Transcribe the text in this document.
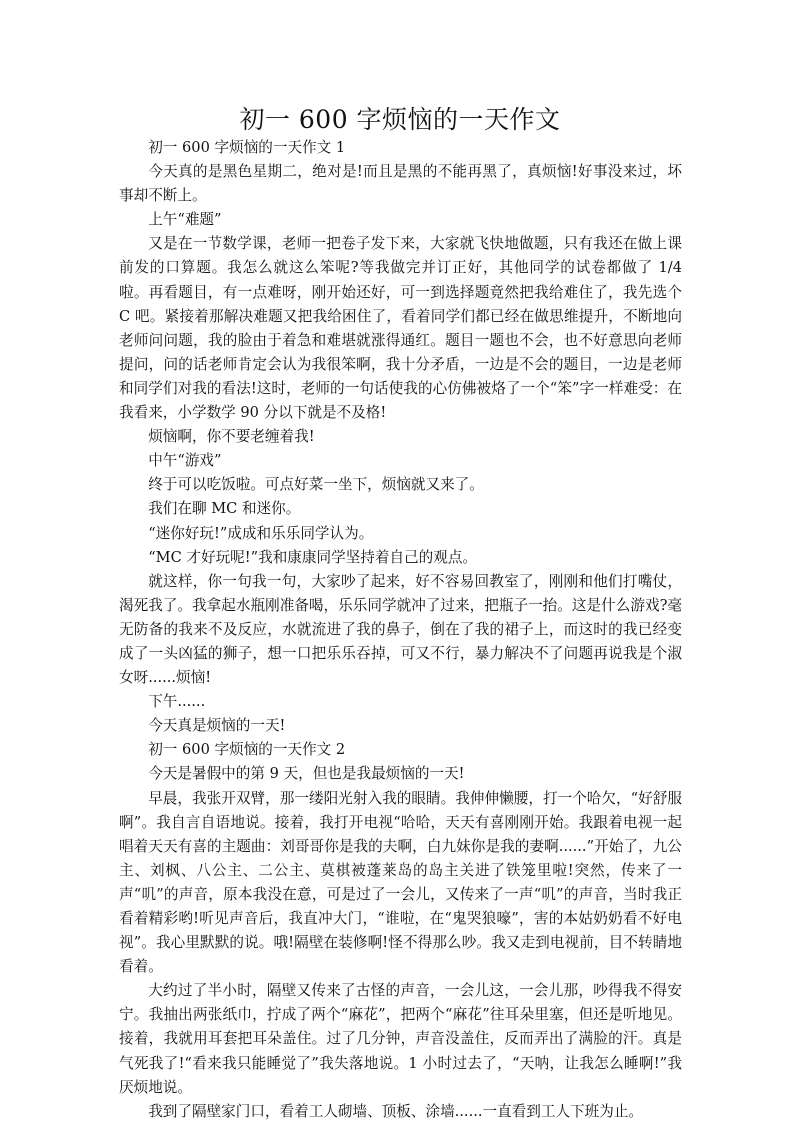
初一 600 字烦恼的一天作文

初一 600 字烦恼的一天作文 1

今天真的是黑色星期二，绝对是!而且是黑的不能再黑了，真烦恼!好事没来过，坏事却不断上。

上午“难题”

又是在一节数学课，老师一把卷子发下来，大家就飞快地做题，只有我还在做上课前发的口算题。我怎么就这么笨呢?等我做完并订正好，其他同学的试卷都做了 1/4 啦。再看题目，有一点难呀，刚开始还好，可一到选择题竟然把我给难住了，我先选个 C 吧。紧接着那解决难题又把我给困住了，看着同学们都已经在做思维提升，不断地向老师问问题，我的脸由于着急和难堪就涨得通红。题目一题也不会，也不好意思向老师提问，问的话老师肯定会认为我很笨啊，我十分矛盾，一边是不会的题目，一边是老师和同学们对我的看法!这时，老师的一句话使我的心仿佛被烙了一个“笨”字一样难受：在我看来，小学数学 90 分以下就是不及格!

烦恼啊，你不要老缠着我!

中午“游戏”

终于可以吃饭啦。可点好菜一坐下，烦恼就又来了。

我们在聊 MC 和迷你。

“迷你好玩!”成成和乐乐同学认为。

“MC 才好玩呢!”我和康康同学坚持着自己的观点。

就这样，你一句我一句，大家吵了起来，好不容易回教室了，刚刚和他们打嘴仗，渴死我了。我拿起水瓶刚准备喝，乐乐同学就冲了过来，把瓶子一抬。这是什么游戏?毫无防备的我来不及反应，水就流进了我的鼻子，倒在了我的裙子上，而这时的我已经变成了一头凶猛的狮子，想一口把乐乐吞掉，可又不行，暴力解决不了问题再说我是个淑女呀......烦恼!

下午......

今天真是烦恼的一天!

初一 600 字烦恼的一天作文 2

今天是暑假中的第 9 天，但也是我最烦恼的一天!

早晨，我张开双臂，那一缕阳光射入我的眼睛。我伸伸懒腰，打一个哈欠，“好舒服啊”。我自言自语地说。接着，我打开电视“哈哈，天天有喜刚刚开始。我跟着电视一起唱着天天有喜的主题曲：刘哥哥你是我的夫啊，白九妹你是我的妻啊......”开始了，九公主、刘枫、八公主、二公主、莫棋被蓬莱岛的岛主关进了铁笼里啦!突然，传来了一声“叽”的声音，原本我没在意，可是过了一会儿，又传来了一声“叽”的声音，当时我正看着精彩哟!听见声音后，我直冲大门，“谁啦，在“鬼哭狼嚎”，害的本姑奶奶看不好电视”。我心里默默的说。哦!隔壁在装修啊!怪不得那么吵。我又走到电视前，目不转睛地看着。

大约过了半小时，隔壁又传来了古怪的声音，一会儿这，一会儿那，吵得我不得安宁。我抽出两张纸巾，拧成了两个“麻花”，把两个“麻花”往耳朵里塞，但还是听地见。接着，我就用耳套把耳朵盖住。过了几分钟，声音没盖住，反而弄出了满脸的汗。真是气死我了!“看来我只能睡觉了”我失落地说。1 小时过去了，“天呐，让我怎么睡啊!”我厌烦地说。

我到了隔壁家门口，看着工人砌墙、顶板、涂墙......一直看到工人下班为止。
